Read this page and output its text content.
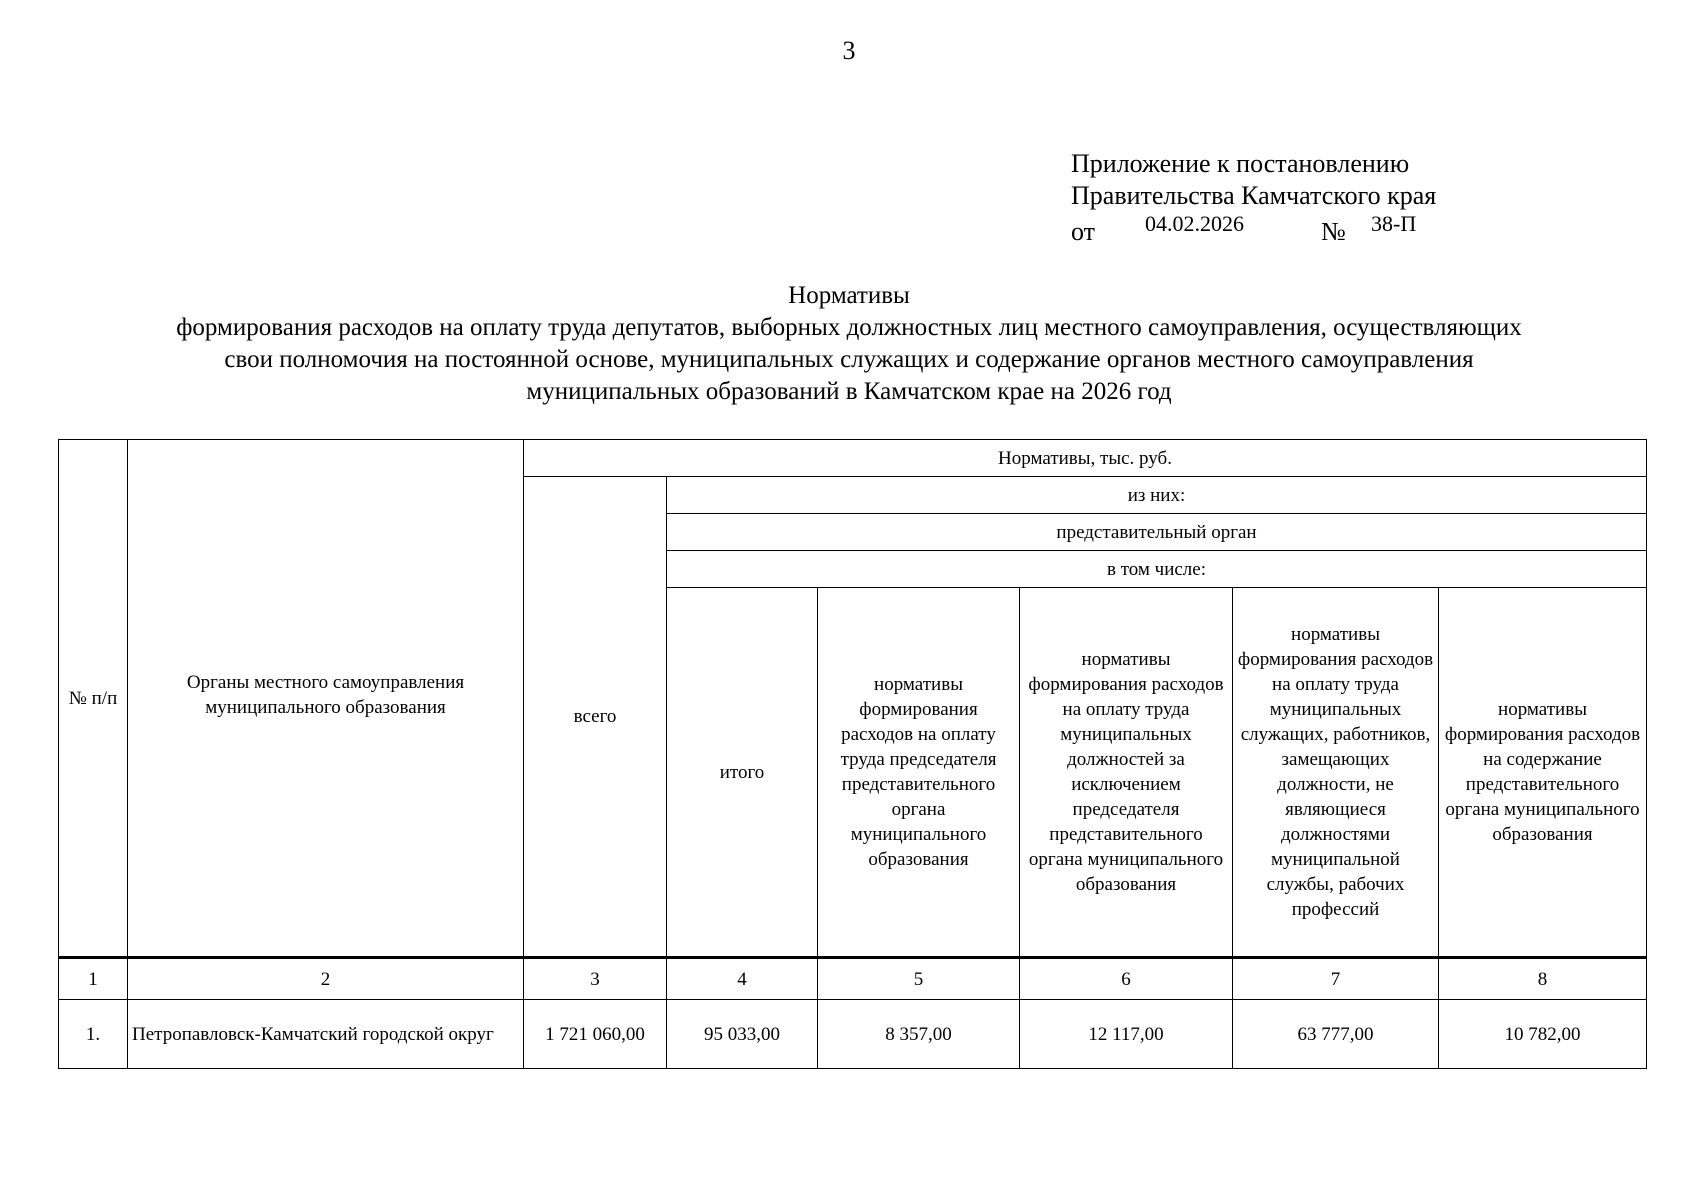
3
Приложение к постановлению
Правительства Камчатского края
от 04.02.2026	№ 38-П
Нормативы
формирования расходов на оплату труда депутатов, выборных должностных лиц местного самоуправления, осуществляющих
свои полномочия на постоянной основе, муниципальных служащих и содержание органов местного самоуправления
муниципальных образований в Камчатском крае на 2026 год
№ п/п	Органы местного самоуправления муниципального образования	Нормативы, тыс. руб.					
		всего	из них:				
			представительный орган				
			в том числе:				
			итого	нормативы формирования расходов на оплату труда председателя представительного органа муниципального образования	нормативы формирования расходов на оплату труда муниципальных должностей за исключением председателя представительного органа муниципального образования	нормативы формирования расходов на оплату труда муниципальных служащих, работников, замещающих должности, не являющиеся должностями муниципальной службы, рабочих профессий	нормативы формирования расходов на содержание представительного органа муниципального образования
1	2	3	4	5	6	7	8
1.	Петропавловск-Камчатский городской округ	1 721 060,00	95 033,00	8 357,00	12 117,00	63 777,00	10 782,00
